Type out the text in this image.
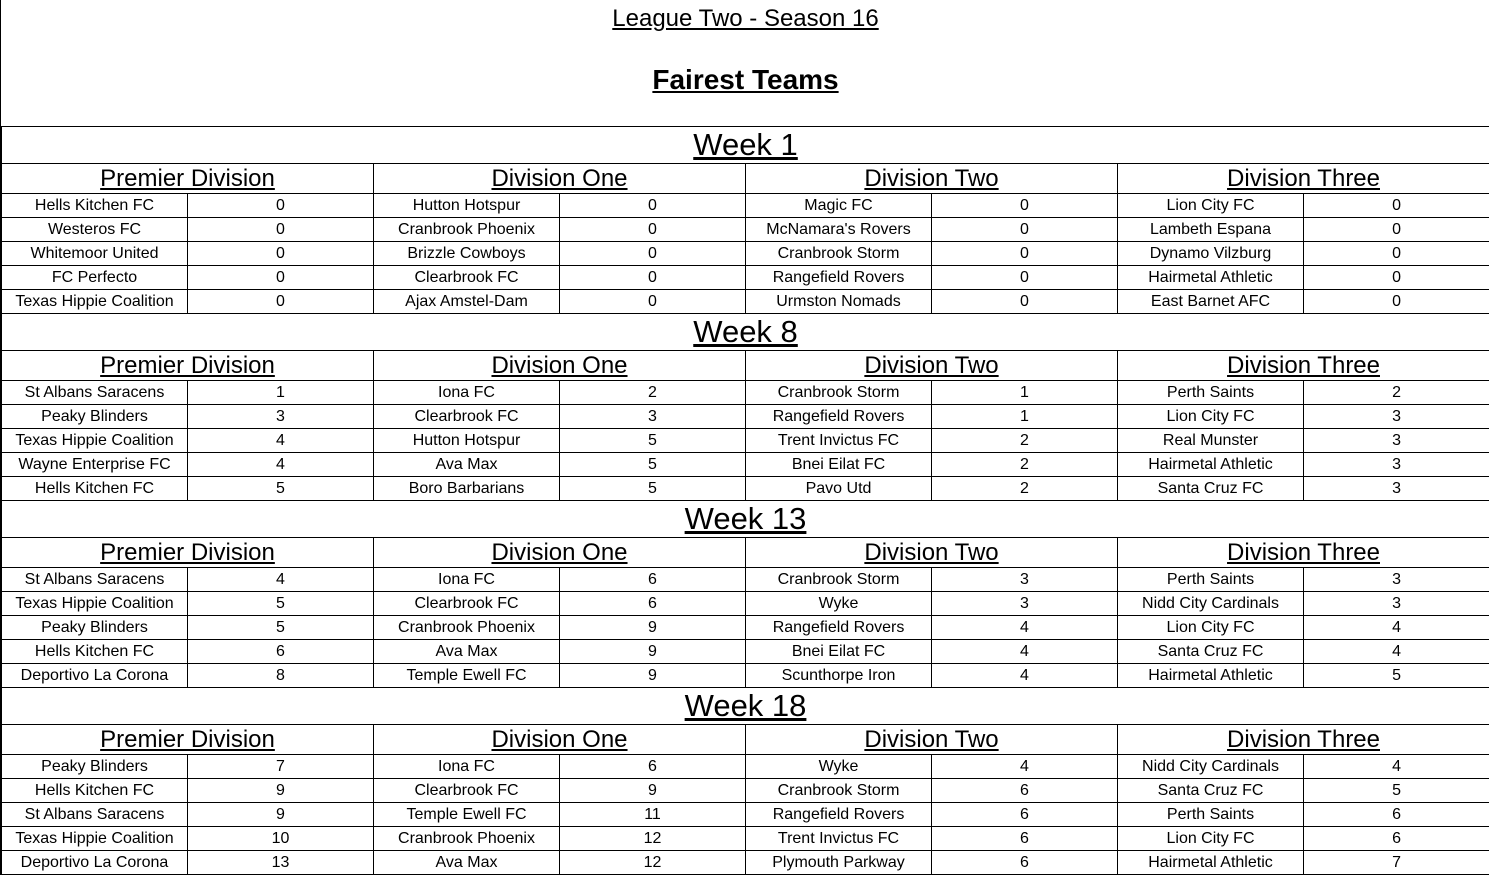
League Two - Season 16
Fairest Teams
Week 1							
Premier Division		Division One		Division Two		Division Three	
Hells Kitchen FC	0	Hutton Hotspur	0	Magic FC	0	Lion City FC	0
Westeros FC	0	Cranbrook Phoenix	0	McNamara's Rovers	0	Lambeth Espana	0
Whitemoor United	0	Brizzle Cowboys	0	Cranbrook Storm	0	Dynamo Vilzburg	0
FC Perfecto	0	Clearbrook FC	0	Rangefield Rovers	0	Hairmetal Athletic	0
Texas Hippie Coalition	0	Ajax Amstel-Dam	0	Urmston Nomads	0	East Barnet AFC	0
Week 8							
Premier Division		Division One		Division Two		Division Three	
St Albans Saracens	1	Iona FC	2	Cranbrook Storm	1	Perth Saints	2
Peaky Blinders	3	Clearbrook FC	3	Rangefield Rovers	1	Lion City FC	3
Texas Hippie Coalition	4	Hutton Hotspur	5	Trent Invictus FC	2	Real Munster	3
Wayne Enterprise FC	4	Ava Max	5	Bnei Eilat FC	2	Hairmetal Athletic	3
Hells Kitchen FC	5	Boro Barbarians	5	Pavo Utd	2	Santa Cruz FC	3
Week 13							
Premier Division		Division One		Division Two		Division Three	
St Albans Saracens	4	Iona FC	6	Cranbrook Storm	3	Perth Saints	3
Texas Hippie Coalition	5	Clearbrook FC	6	Wyke	3	Nidd City Cardinals	3
Peaky Blinders	5	Cranbrook Phoenix	9	Rangefield Rovers	4	Lion City FC	4
Hells Kitchen FC	6	Ava Max	9	Bnei Eilat FC	4	Santa Cruz FC	4
Deportivo La Corona	8	Temple Ewell FC	9	Scunthorpe Iron	4	Hairmetal Athletic	5
Week 18							
Premier Division		Division One		Division Two		Division Three	
Peaky Blinders	7	Iona FC	6	Wyke	4	Nidd City Cardinals	4
Hells Kitchen FC	9	Clearbrook FC	9	Cranbrook Storm	6	Santa Cruz FC	5
St Albans Saracens	9	Temple Ewell FC	11	Rangefield Rovers	6	Perth Saints	6
Texas Hippie Coalition	10	Cranbrook Phoenix	12	Trent Invictus FC	6	Lion City FC	6
Deportivo La Corona	13	Ava Max	12	Plymouth Parkway	6	Hairmetal Athletic	7
